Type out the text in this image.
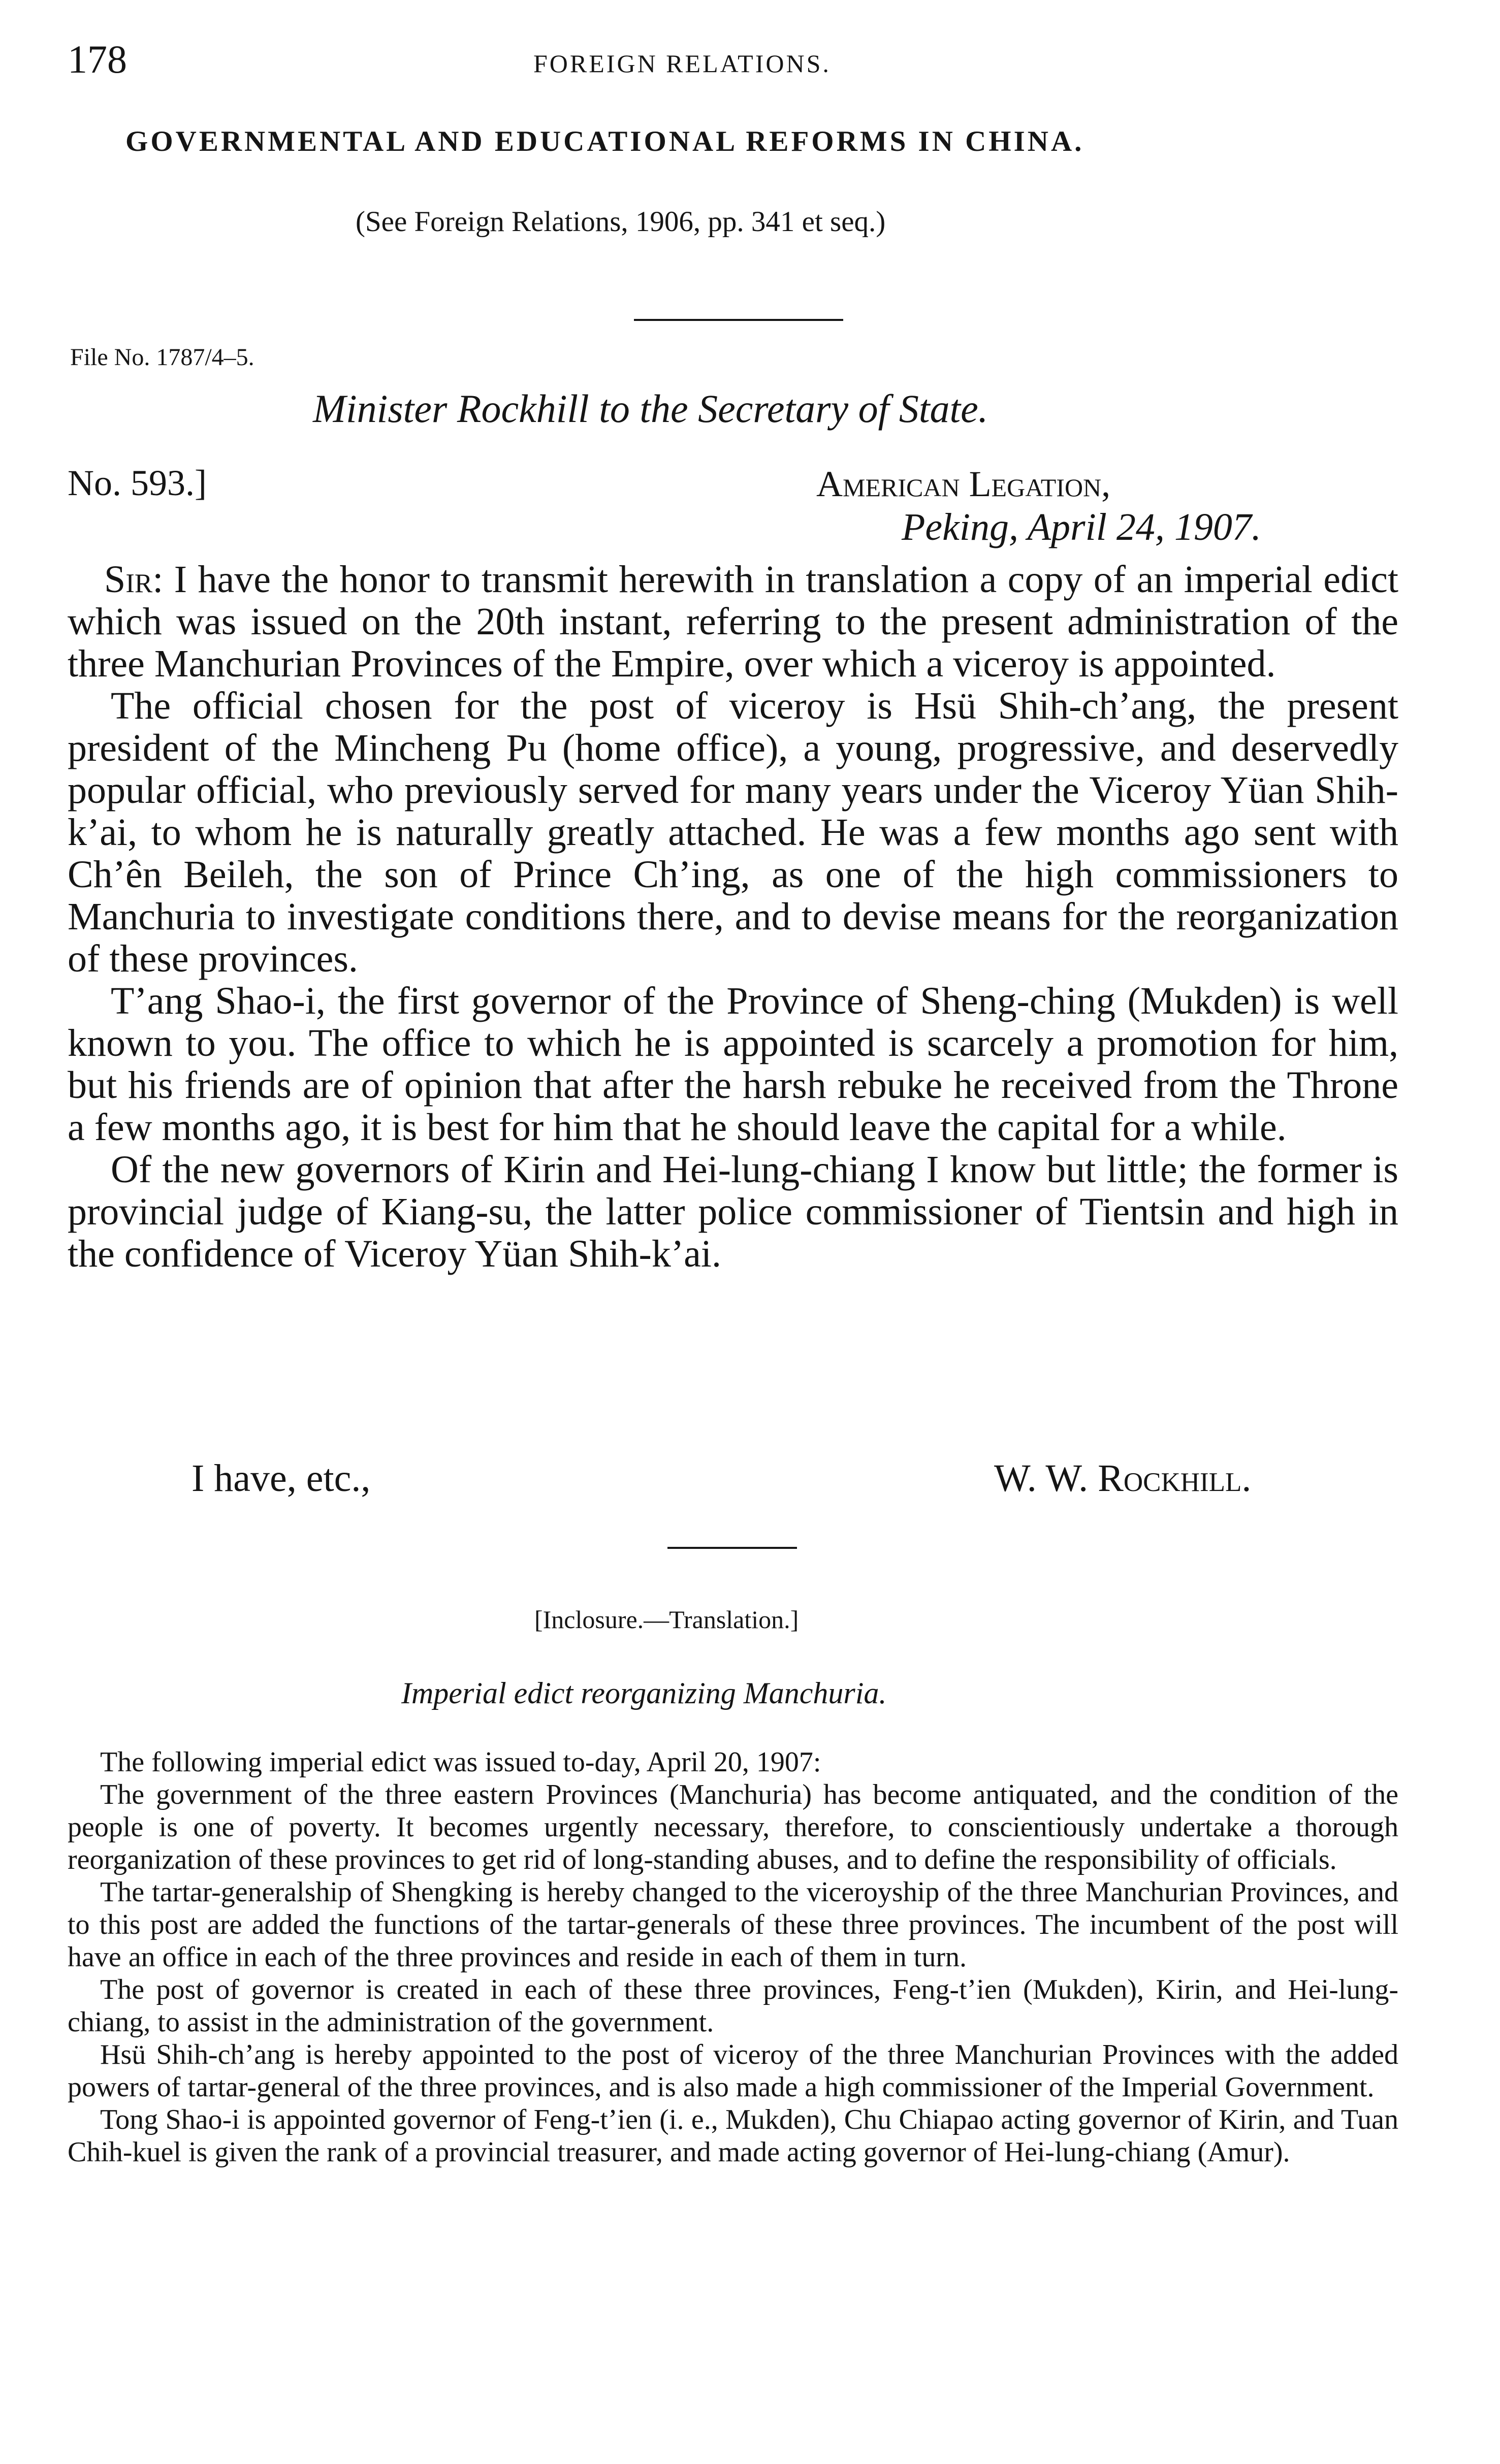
178	FOREIGN RELATIONS.
GOVERNMENTAL AND EDUCATIONAL REFORMS IN CHINA.
(See Foreign Relations, 1906, pp. 341 et seq.)
File No. 1787/4–5.
Minister Rockhill to the Secretary of State.
No. 593.]	American Legation,
Peking, April 24, 1907.

Sir: I have the honor to transmit herewith in translation a copy of an imperial edict which was issued on the 20th instant, referring to the present administration of the three Manchurian Provinces of the Empire, over which a viceroy is appointed.

The official chosen for the post of viceroy is Hsü Shih-ch’ang, the present president of the Mincheng Pu (home office), a young, progressive, and deservedly popular official, who previously served for many years under the Viceroy Yüan Shih-k’ai, to whom he is naturally greatly attached. He was a few months ago sent with Ch’ên Beileh, the son of Prince Ch’ing, as one of the high commissioners to Manchuria to investigate conditions there, and to devise means for the reorganization of these provinces.

T’ang Shao-i, the first governor of the Province of Sheng-ching (Mukden) is well known to you. The office to which he is appointed is scarcely a promotion for him, but his friends are of opinion that after the harsh rebuke he received from the Throne a few months ago, it is best for him that he should leave the capital for a while.

Of the new governors of Kirin and Hei-lung-chiang I know but little; the former is provincial judge of Kiang-su, the latter police commissioner of Tientsin and high in the confidence of Viceroy Yüan Shih-k’ai.

I have, etc.,	W. W. Rockhill.
[Inclosure.—Translation.]
Imperial edict reorganizing Manchuria.

The following imperial edict was issued to-day, April 20, 1907:

The government of the three eastern Provinces (Manchuria) has become antiquated, and the condition of the people is one of poverty. It becomes urgently necessary, therefore, to conscientiously undertake a thorough reorganization of these provinces to get rid of long-standing abuses, and to define the responsibility of officials.

The tartar-generalship of Shengking is hereby changed to the viceroyship of the three Manchurian Provinces, and to this post are added the functions of the tartar-generals of these three provinces. The incumbent of the post will have an office in each of the three provinces and reside in each of them in turn.

The post of governor is created in each of these three provinces, Feng-t’ien (Mukden), Kirin, and Hei-lung-chiang, to assist in the administration of the government.

Hsü Shih-ch’ang is hereby appointed to the post of viceroy of the three Manchurian Provinces with the added powers of tartar-general of the three provinces, and is also made a high commissioner of the Imperial Government.

Tong Shao-i is appointed governor of Feng-t’ien (i. e., Mukden), Chu Chiapao acting governor of Kirin, and Tuan Chih-kuel is given the rank of a provincial treasurer, and made acting governor of Hei-lung-chiang (Amur).
